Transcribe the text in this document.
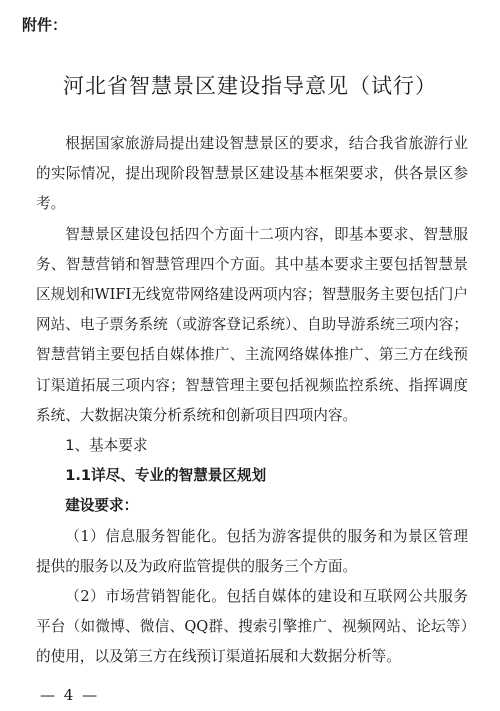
附件：
河北省智慧景区建设指导意见（试行）

根据国家旅游局提出建设智慧景区的要求，结合我省旅游行业的实际情况，提出现阶段智慧景区建设基本框架要求，供各景区参考。

智慧景区建设包括四个方面十二项内容，即基本要求、智慧服务、智慧营销和智慧管理四个方面。其中基本要求主要包括智慧景区规划和WIFI无线宽带网络建设两项内容；智慧服务主要包括门户网站、电子票务系统（或游客登记系统）、自助导游系统三项内容；智慧营销主要包括自媒体推广、主流网络媒体推广、第三方在线预订渠道拓展三项内容；智慧管理主要包括视频监控系统、指挥调度系统、大数据决策分析系统和创新项目四项内容。

1、基本要求

1.1详尽、专业的智慧景区规划

建设要求：

（1）信息服务智能化。包括为游客提供的服务和为景区管理提供的服务以及为政府监管提供的服务三个方面。

（2）市场营销智能化。包括自媒体的建设和互联网公共服务平台（如微博、微信、QQ群、搜索引擎推广、视频网站、论坛等）的使用，以及第三方在线预订渠道拓展和大数据分析等。

— 4 —
